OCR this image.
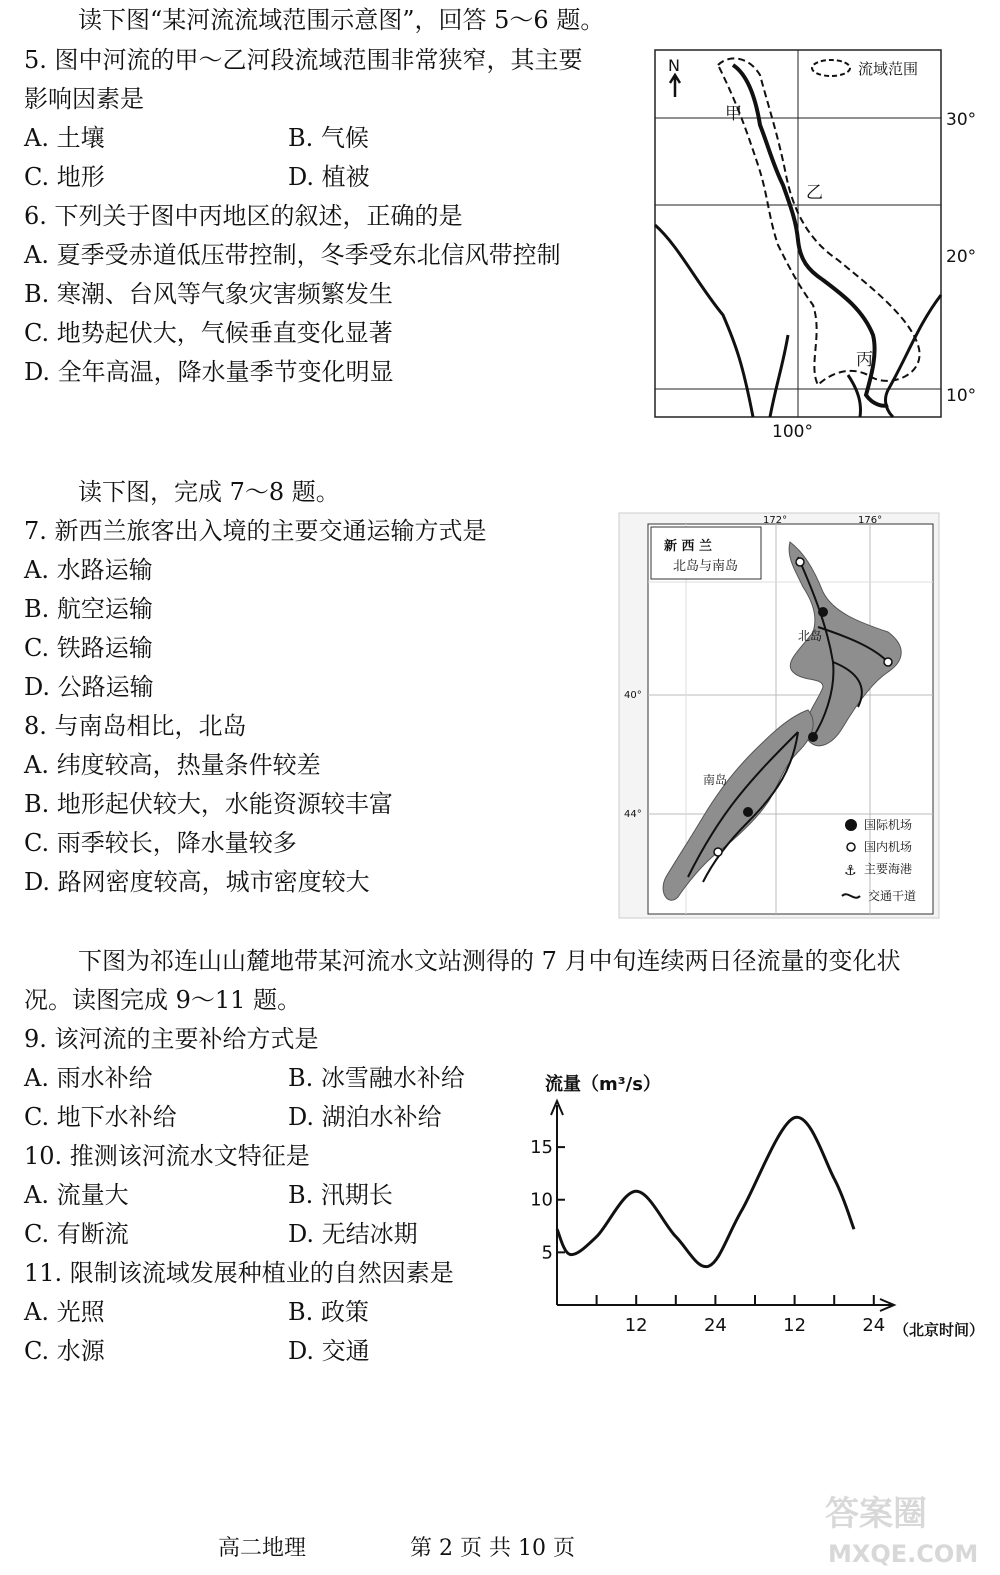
读下图“某河流流域范围示意图”，回答 5～6 题。
5. 图中河流的甲～乙河段流域范围非常狭窄，其主要
影响因素是
A. 土壤	B. 气候
C. 地形	D. 植被
6. 下列关于图中丙地区的叙述，正确的是
A. 夏季受赤道低压带控制，冬季受东北信风带控制
B. 寒潮、台风等气象灾害频繁发生
C. 地势起伏大，气候垂直变化显著
D. 全年高温，降水量季节变化明显
N	流域范围
甲
乙
丙
30°
20°
10°
100°
读下图，完成 7～8 题。
7. 新西兰旅客出入境的主要交通运输方式是
A. 水路运输
B. 航空运输
C. 铁路运输
D. 公路运输
8. 与南岛相比，北岛
A. 纬度较高，热量条件较差
B. 地形起伏较大，水能资源较丰富
C. 雨季较长，降水量较多
D. 路网密度较高，城市密度较大
新 西 兰
北岛与南岛
172°	176°
40°
44°
北岛
南岛
国际机场
国内机场
⚓ 主要海港
交通干道
下图为祁连山山麓地带某河流水文站测得的 7 月中旬连续两日径流量的变化状
况。读图完成 9～11 题。
9. 该河流的主要补给方式是
A. 雨水补给	B. 冰雪融水补给
C. 地下水补给	D. 湖泊水补给
10. 推测该河流水文特征是
A. 流量大	B. 汛期长
C. 有断流	D. 无结冰期
11. 限制该流域发展种植业的自然因素是
A. 光照	B. 政策
C. 水源	D. 交通
流量（m³/s）
（北京时间）
5
10
15
12	24	12	24
高二地理	第 2 页 共 10 页
答案圈
MXQE.COM
